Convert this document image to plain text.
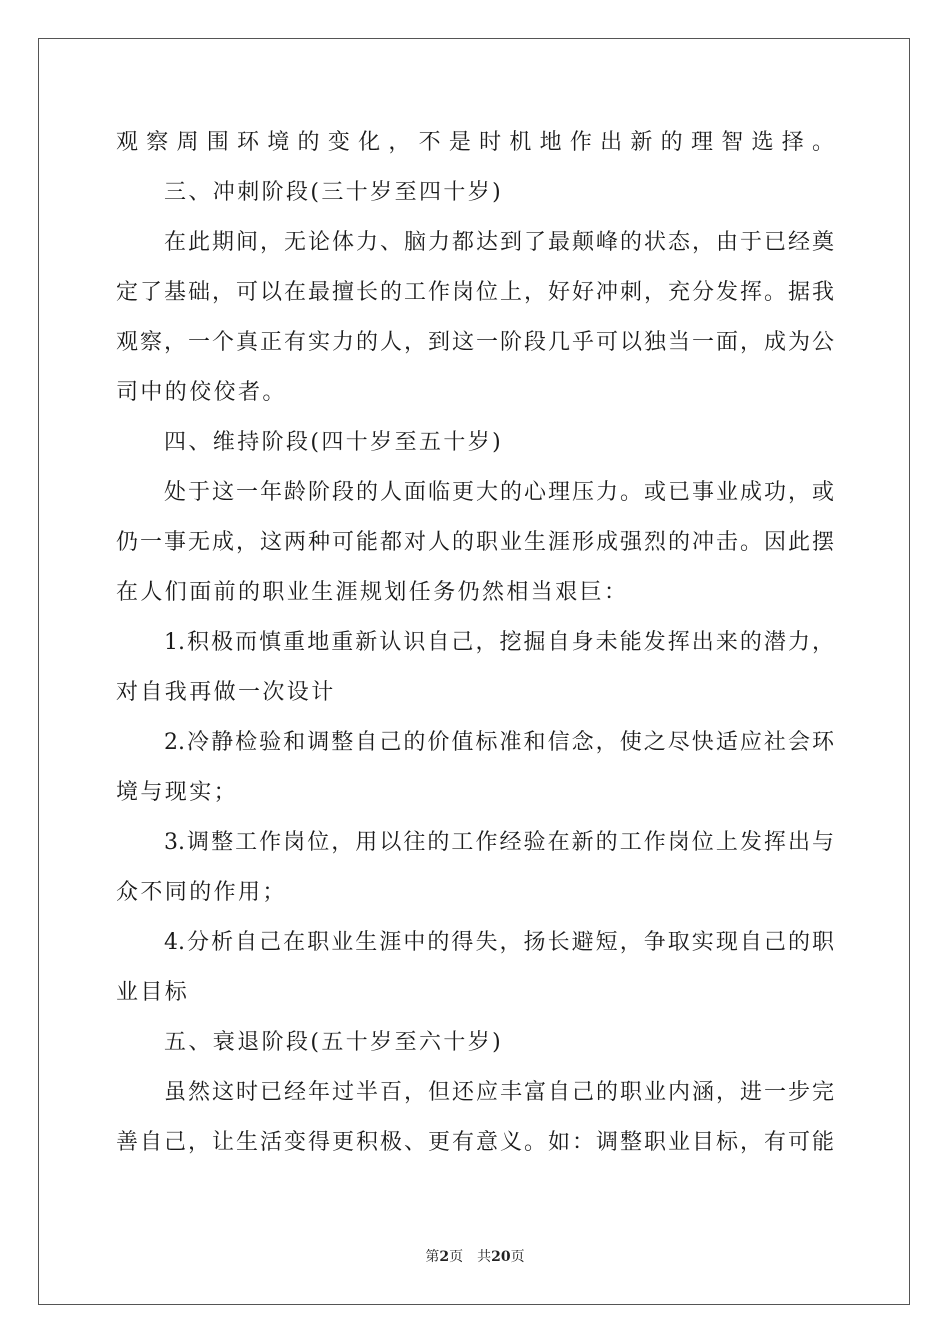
观察周围环境的变化，不是时机地作出新的理智选择。
三、冲刺阶段(三十岁至四十岁)
在此期间，无论体力、脑力都达到了最颠峰的状态，由于已经奠
定了基础，可以在最擅长的工作岗位上，好好冲刺，充分发挥。据我
观察，一个真正有实力的人，到这一阶段几乎可以独当一面，成为公
司中的佼佼者。
四、维持阶段(四十岁至五十岁)
处于这一年龄阶段的人面临更大的心理压力。或已事业成功，或
仍一事无成，这两种可能都对人的职业生涯形成强烈的冲击。因此摆
在人们面前的职业生涯规划任务仍然相当艰巨：
1.积极而慎重地重新认识自己，挖掘自身未能发挥出来的潜力，
对自我再做一次设计
2.冷静检验和调整自己的价值标准和信念，使之尽快适应社会环
境与现实；
3.调整工作岗位，用以往的工作经验在新的工作岗位上发挥出与
众不同的作用；
4.分析自己在职业生涯中的得失，扬长避短，争取实现自己的职
业目标
五、衰退阶段(五十岁至六十岁)
虽然这时已经年过半百，但还应丰富自己的职业内涵，进一步完
善自己，让生活变得更积极、更有意义。如：调整职业目标，有可能
第2页 共20页
